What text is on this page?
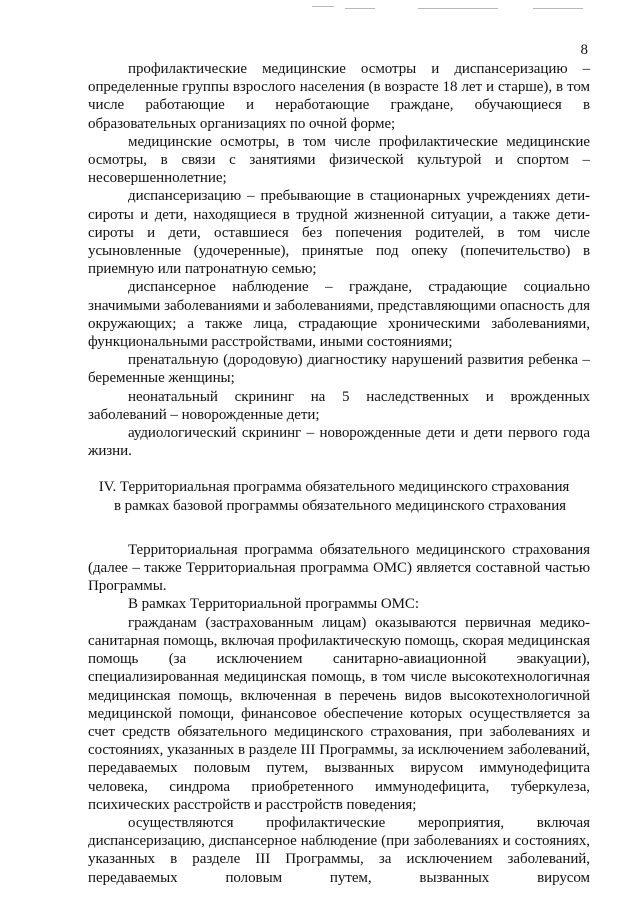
8

профилактические медицинские осмотры и диспансеризацию – определенные группы взрослого населения (в возрасте 18 лет и старше), в том числе работающие и неработающие граждане, обучающиеся в образовательных организациях по очной форме;

медицинские осмотры, в том числе профилактические медицинские осмотры, в связи с занятиями физической культурой и спортом – несовершеннолетние;

диспансеризацию – пребывающие в стационарных учреждениях дети-сироты и дети, находящиеся в трудной жизненной ситуации, а также дети-сироты и дети, оставшиеся без попечения родителей, в том числе усыновленные (удочеренные), принятые под опеку (попечительство) в приемную или патронатную семью;

диспансерное наблюдение – граждане, страдающие социально значимыми заболеваниями и заболеваниями, представляющими опасность для окружающих; а также лица, страдающие хроническими заболеваниями, функциональными расстройствами, иными состояниями;

пренатальную (дородовую) диагностику нарушений развития ребенка – беременные женщины;

неонатальный скрининг на 5 наследственных и врожденных заболеваний – новорожденные дети;

аудиологический скрининг – новорожденные дети и дети первого года жизни.

IV. Территориальная программа обязательного медицинского страхования
в рамках базовой программы обязательного медицинского страхования

Территориальная программа обязательного медицинского страхования (далее – также Территориальная программа ОМС) является составной частью Программы.

В рамках Территориальной программы ОМС:

гражданам (застрахованным лицам) оказываются первичная медико-санитарная помощь, включая профилактическую помощь, скорая медицинская помощь (за исключением санитарно-авиационной эвакуации), специализированная медицинская помощь, в том числе высокотехнологичная медицинская помощь, включенная в перечень видов высокотехнологичной медицинской помощи, финансовое обеспечение которых осуществляется за счет средств обязательного медицинского страхования, при заболеваниях и состояниях, указанных в разделе III Программы, за исключением заболеваний, передаваемых половым путем, вызванных вирусом иммунодефицита человека, синдрома приобретенного иммунодефицита, туберкулеза, психических расстройств и расстройств поведения;

осуществляются профилактические мероприятия, включая диспансеризацию, диспансерное наблюдение (при заболеваниях и состояниях, указанных в разделе III Программы, за исключением заболеваний, передаваемых половым путем, вызванных вирусом
